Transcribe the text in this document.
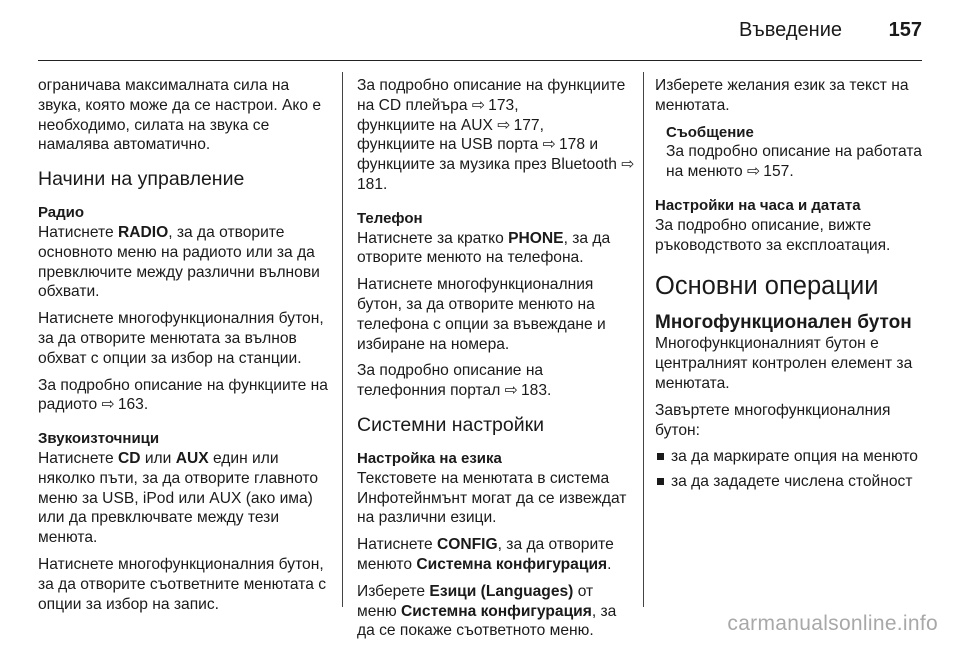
Въведение 157

ограничава максималната сила на звука, която може да се настрои. Ако е необходимо, силата на звука се намалява автоматично.

Начини на управление
Радио

Натиснете RADIO, за да отворите основното меню на радиото или за да превключите между различни вълнови обхвати.

Натиснете многофункционалния бутон, за да отворите менютата за вълнов обхват с опции за избор на станции.

За подробно описание на функциите на радиото ⇨ 163.

Звукоизточници

Натиснете CD или AUX един или няколко пъти, за да отворите главното меню за USB, iPod или AUX (ако има) или да превключвате между тези менюта.

Натиснете многофункционалния бутон, за да отворите съответните менютата с опции за избор на запис.

За подробно описание на функциите на CD плейъра ⇨ 173,
функциите на AUX ⇨ 177,
функциите на USB порта ⇨ 178 и
функциите за музика през Bluetooth ⇨ 181.

Телефон

Натиснете за кратко PHONE, за да отворите менюто на телефона.

Натиснете многофункционалния бутон, за да отворите менюто на телефона с опции за въвеждане и избиране на номера.

За подробно описание на телефонния портал ⇨ 183.

Системни настройки
Настройка на езика

Текстовете на менютата в система Инфотейнмънт могат да се извеждат на различни езици.

Натиснете CONFIG, за да отворите менюто Системна конфигурация.

Изберете Езици (Languages) от меню Системна конфигурация, за да се покаже съответното меню.

Изберете желания език за текст на менютата.

Съобщение

За подробно описание на работата на менюто ⇨ 157.

Настройки на часа и датата

За подробно описание, вижте ръководството за експлоатация.

Основни операции
Многофункционален бутон

Многофункционалният бутон е централният контролен елемент за менютата.

Завъртете многофункционалния бутон:

за да маркирате опция на менюто
за да зададете числена стойност
carmanualsonline.info
